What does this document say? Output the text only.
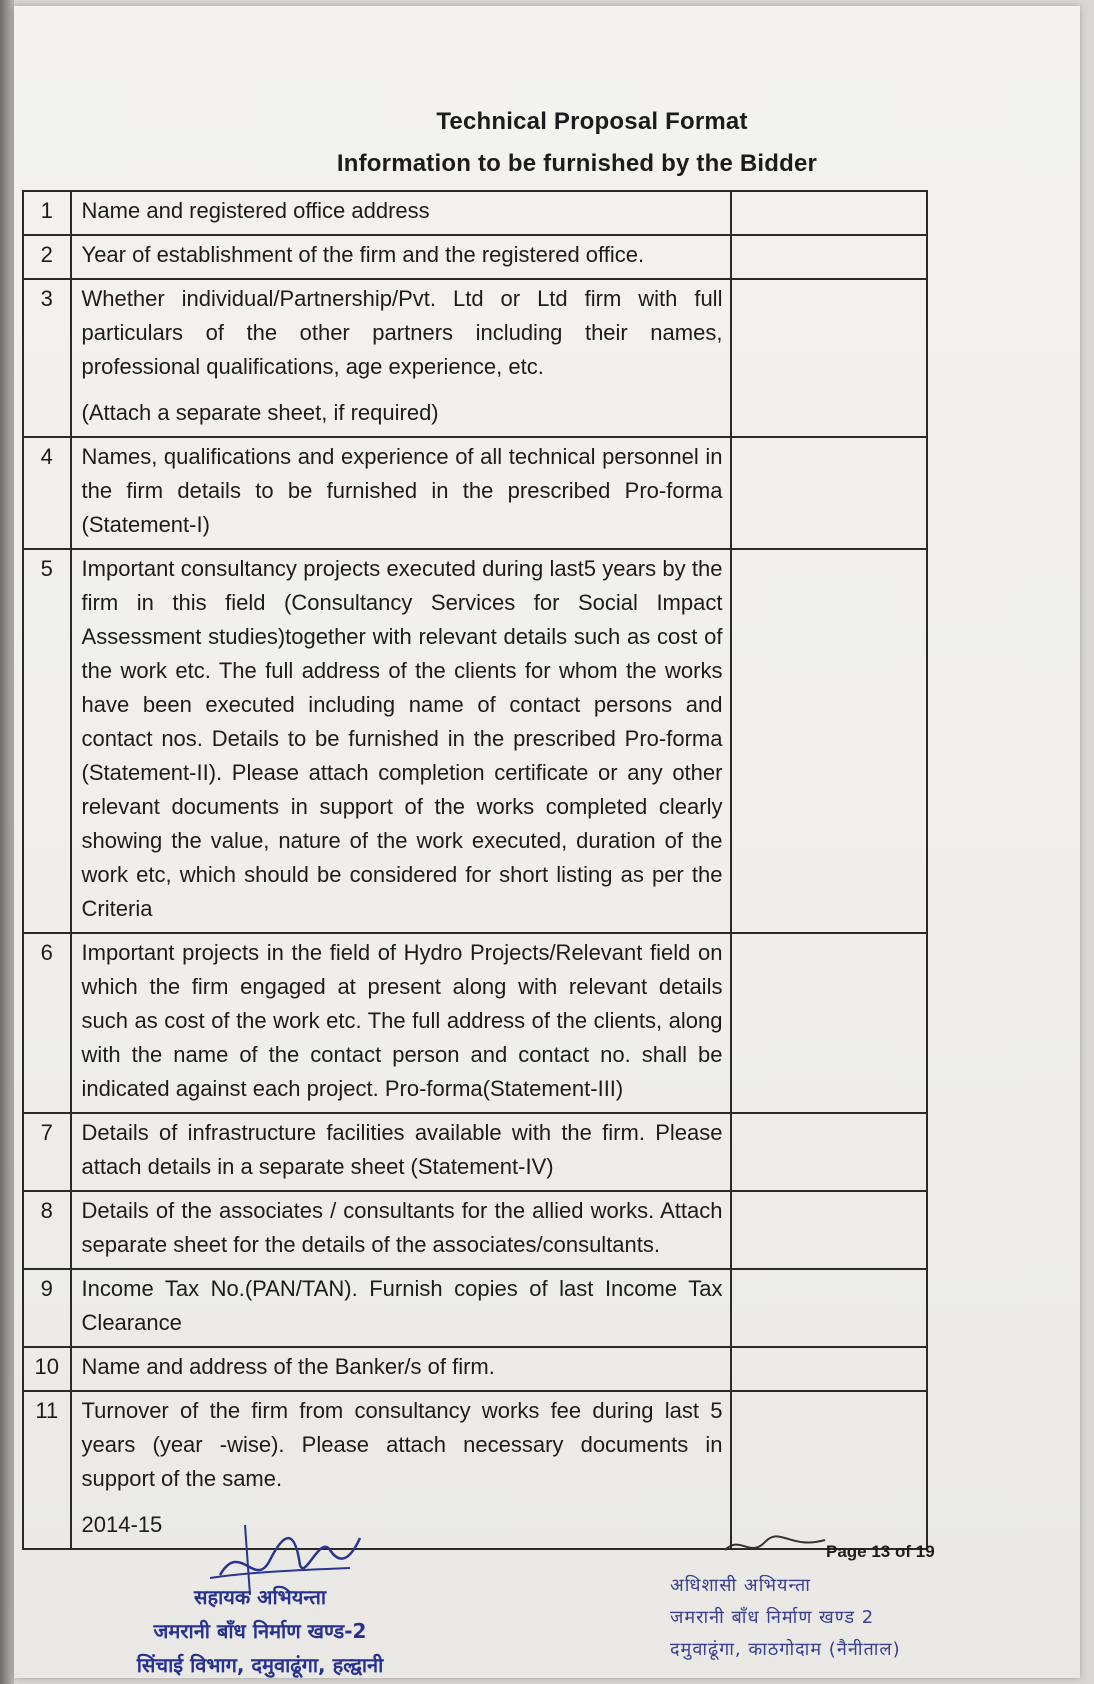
Technical Proposal Format
Information to be furnished by the Bidder
1	Name and registered office address	

2	Year of establishment of the firm and the registered office.	

3	Whether individual/Partnership/Pvt. Ltd or Ltd firm with full particulars of the other partners including their names, professional qualifications, age experience, etc.

(Attach a separate sheet, if required)	

4	Names, qualifications and experience of all technical personnel in the firm details to be furnished in the prescribed Pro-forma (Statement-I)	

5	Important consultancy projects executed during last5 years by the firm in this field (Consultancy Services for Social Impact Assessment studies)together with relevant details such as cost of the work etc. The full address of the clients for whom the works have been executed including name of contact persons and contact nos. Details to be furnished in the prescribed Pro-forma (Statement-II). Please attach completion certificate or any other relevant documents in support of the works completed clearly showing the value, nature of the work executed, duration of the work etc, which should be considered for short listing as per the Criteria	

6	Important projects in the field of Hydro Projects/Relevant field on which the firm engaged at present along with relevant details such as cost of the work etc. The full address of the clients, along with the name of the contact person and contact no. shall be indicated against each project. Pro-forma(Statement-III)	

7	Details of infrastructure facilities available with the firm. Please attach details in a separate sheet (Statement-IV)	

8	Details of the associates / consultants for the allied works. Attach separate sheet for the details of the associates/consultants.	

9	Income Tax No.(PAN/TAN). Furnish copies of last Income Tax Clearance	

10	Name and address of the Banker/s of firm.	

11	Turnover of the firm from consultancy works fee during last 5 years (year -wise). Please attach necessary documents in support of the same.

2014-15	

Page 13 of 19
सहायक अभियन्ता
जमरानी बाँध निर्माण खण्ड-2
सिंचाई विभाग, दमुवाढूंगा, हल्द्वानी
अधिशासी अभियन्ता
जमरानी बाँध निर्माण खण्ड 2
दमुवाढूंगा, काठगोदाम (नैनीताल)
